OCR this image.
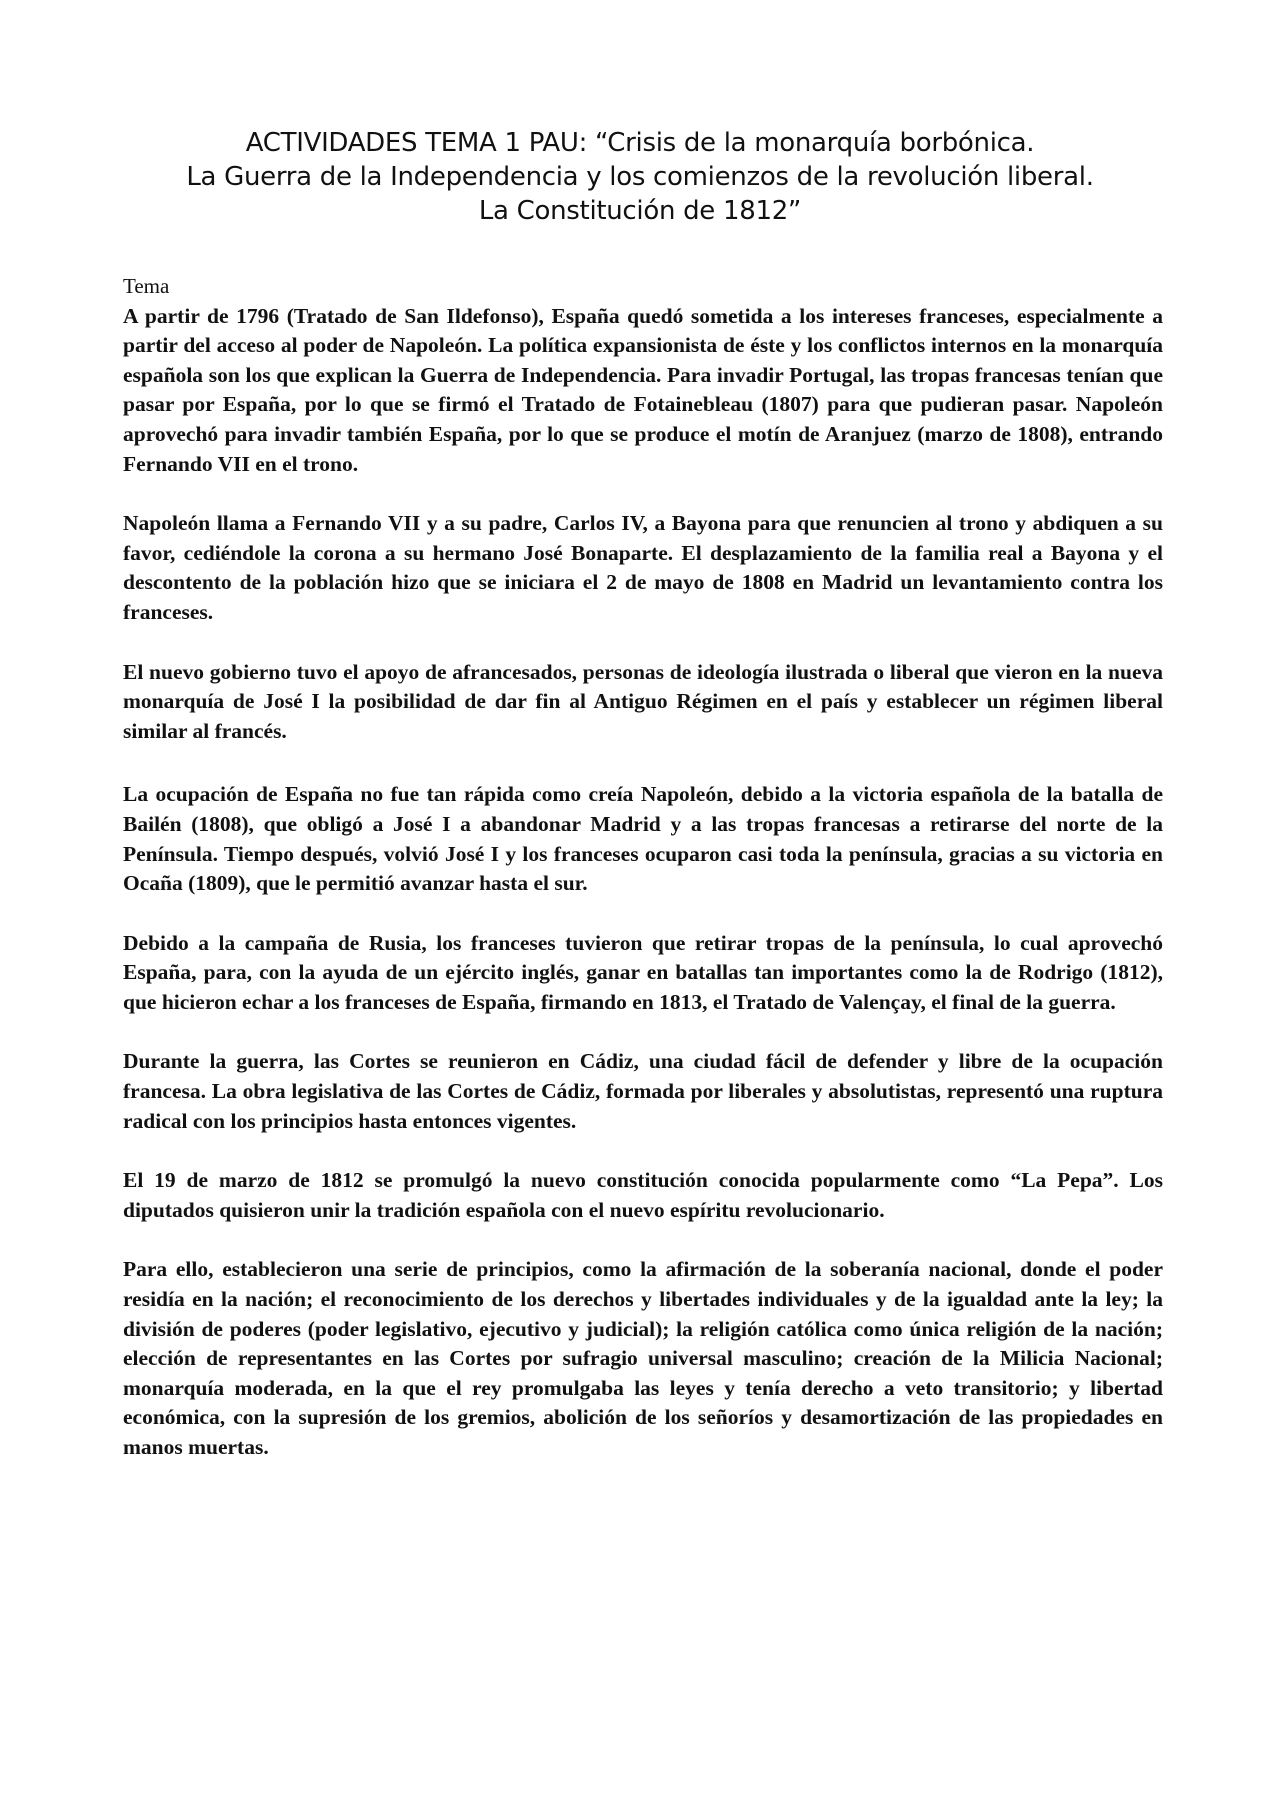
ACTIVIDADES TEMA 1 PAU: “Crisis de la monarquía borbónica.
La Guerra de la Independencia y los comienzos de la revolución liberal.
La Constitución de 1812”
Tema

A partir de 1796 (Tratado de San Ildefonso), España quedó sometida a los intereses franceses, especialmente a partir del acceso al poder de Napoleón. La política expansionista de éste y los conflictos internos en la monarquía española son los que explican la Guerra de Independencia. Para invadir Portugal, las tropas francesas tenían que pasar por España, por lo que se firmó el Tratado de Fotainebleau (1807) para que pudieran pasar. Napoleón aprovechó para invadir también España, por lo que se produce el motín de Aranjuez (marzo de 1808), entrando Fernando VII en el trono.

Napoleón llama a Fernando VII y a su padre, Carlos IV, a Bayona para que renuncien al trono y abdiquen a su favor, cediéndole la corona a su hermano José Bonaparte. El desplazamiento de la familia real a Bayona y el descontento de la población hizo que se iniciara el 2 de mayo de 1808 en Madrid un levantamiento contra los franceses.

El nuevo gobierno tuvo el apoyo de afrancesados, personas de ideología ilustrada o liberal que vieron en la nueva monarquía de José I la posibilidad de dar fin al Antiguo Régimen en el país y establecer un régimen liberal similar al francés.

La ocupación de España no fue tan rápida como creía Napoleón, debido a la victoria española de la batalla de Bailén (1808), que obligó a José I a abandonar Madrid y a las tropas francesas a retirarse del norte de la Península. Tiempo después, volvió José I y los franceses ocuparon casi toda la península, gracias a su victoria en Ocaña (1809), que le permitió avanzar hasta el sur.

Debido a la campaña de Rusia, los franceses tuvieron que retirar tropas de la península, lo cual aprovechó España, para, con la ayuda de un ejército inglés, ganar en batallas tan importantes como la de Rodrigo (1812), que hicieron echar a los franceses de España, firmando en 1813, el Tratado de Valençay, el final de la guerra.

Durante la guerra, las Cortes se reunieron en Cádiz, una ciudad fácil de defender y libre de la ocupación francesa. La obra legislativa de las Cortes de Cádiz, formada por liberales y absolutistas, representó una ruptura radical con los principios hasta entonces vigentes.

El 19 de marzo de 1812 se promulgó la nuevo constitución conocida popularmente como “La Pepa”. Los diputados quisieron unir la tradición española con el nuevo espíritu revolucionario.

Para ello, establecieron una serie de principios, como la afirmación de la soberanía nacional, donde el poder residía en la nación; el reconocimiento de los derechos y libertades individuales y de la igualdad ante la ley; la división de poderes (poder legislativo, ejecutivo y judicial); la religión católica como única religión de la nación; elección de representantes en las Cortes por sufragio universal masculino; creación de la Milicia Nacional; monarquía moderada, en la que el rey promulgaba las leyes y tenía derecho a veto transitorio; y libertad económica, con la supresión de los gremios, abolición de los señoríos y desamortización de las propiedades en manos muertas.
